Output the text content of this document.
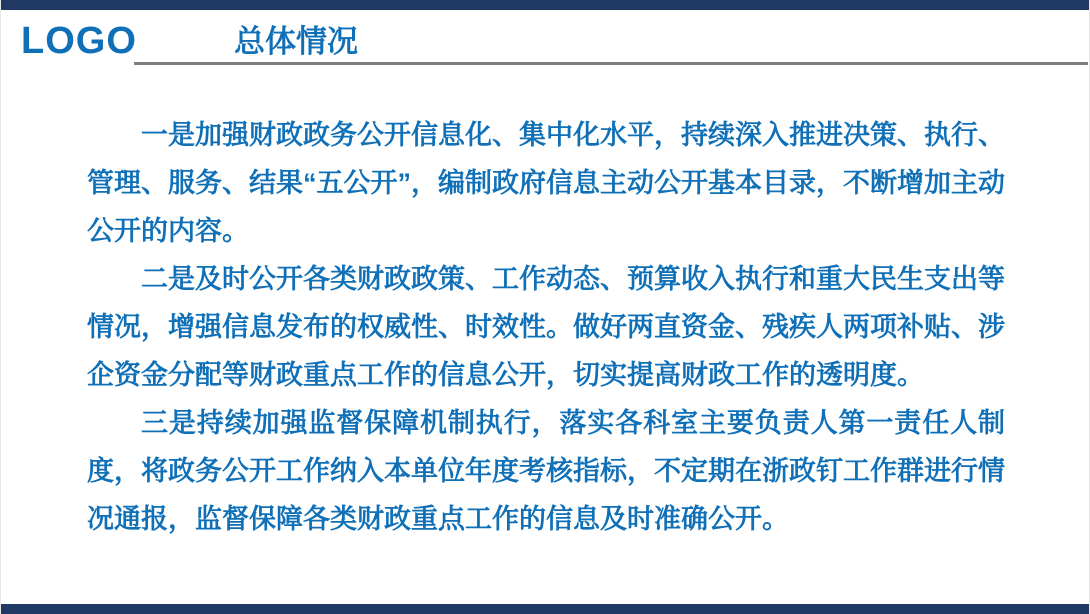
LOGO	总体情况

一是加强财政政务公开信息化、集中化水平，持续深入推进决策、执行、管理、服务、结果“五公开”，编制政府信息主动公开基本目录，不断增加主动公开的内容。

二是及时公开各类财政政策、工作动态、预算收入执行和重大民生支出等情况，增强信息发布的权威性、时效性。做好两直资金、残疾人两项补贴、涉企资金分配等财政重点工作的信息公开，切实提高财政工作的透明度。

三是持续加强监督保障机制执行，落实各科室主要负责人第一责任人制度，将政务公开工作纳入本单位年度考核指标，不定期在浙政钉工作群进行情况通报，监督保障各类财政重点工作的信息及时准确公开。
